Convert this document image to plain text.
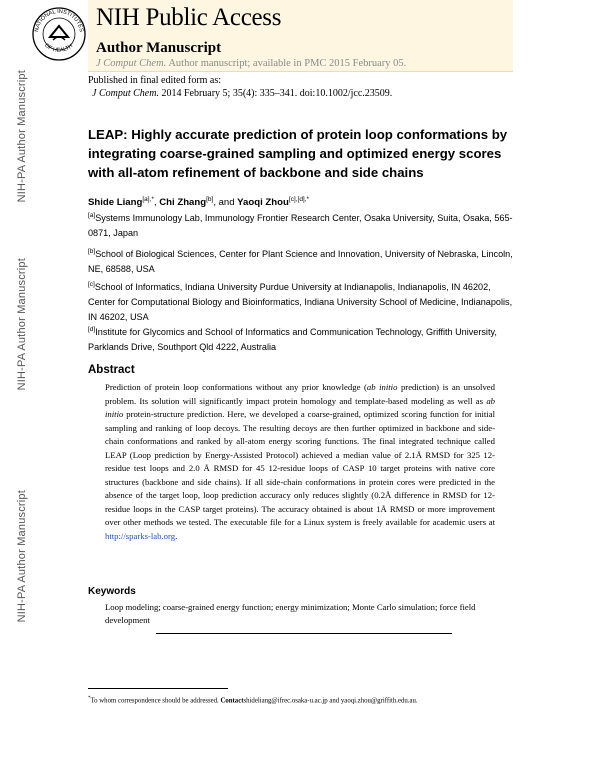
NATIONAL INSTITUTES
OF HEALTH
NIH Public Access
Author Manuscript
J Comput Chem. Author manuscript; available in PMC 2015 February 05.
Published in final edited form as:
J Comput Chem. 2014 February 5; 35(4): 335–341. doi:10.1002/jcc.23509.
NIH-PA Author Manuscript
NIH-PA Author Manuscript
NIH-PA Author Manuscript
LEAP: Highly accurate prediction of protein loop conformations by integrating coarse-grained sampling and optimized energy scores with all-atom refinement of backbone and side chains
Shide Liang$^{[a],*}$, Chi Zhang[b], and Yaoqi Zhou$^{[c],[d],*}$
[a]Systems Immunology Lab, Immunology Frontier Research Center, Osaka University, Suita, Osaka, 565-0871, Japan
[b]School of Biological Sciences, Center for Plant Science and Innovation, University of Nebraska, Lincoln, NE, 68588, USA
[c]School of Informatics, Indiana University Purdue University at Indianapolis, Indianapolis, IN 46202, Center for Computational Biology and Bioinformatics, Indiana University School of Medicine, Indianapolis, IN 46202, USA
[d]Institute for Glycomics and School of Informatics and Communication Technology, Griffith University, Parklands Drive, Southport Qld 4222, Australia
Abstract
Prediction of protein loop conformations without any prior knowledge (ab initio prediction) is an unsolved problem. Its solution will significantly impact protein homology and template-based modeling as well as ab initio protein-structure prediction. Here, we developed a coarse-grained, optimized scoring function for initial sampling and ranking of loop decoys. The resulting decoys are then further optimized in backbone and side-chain conformations and ranked by all-atom energy scoring functions. The final integrated technique called LEAP (Loop prediction by Energy-Assisted Protocol) achieved a median value of 2.1Å RMSD for 325 12-residue test loops and 2.0 Å RMSD for 45 12-residue loops of CASP 10 target proteins with native core structures (backbone and side chains). If all side-chain conformations in protein cores were predicted in the absence of the target loop, loop prediction accuracy only reduces slightly (0.2Å difference in RMSD for 12-residue loops in the CASP target proteins). The accuracy obtained is about 1Å RMSD or more improvement over other methods we tested. The executable file for a Linux system is freely available for academic users at http://sparks-lab.org.
Keywords
Loop modeling; coarse-grained energy function; energy minimization; Monte Carlo simulation; force field development
*To whom correspondence should be addressed. Contactshideliang@ifrec.osaka-u.ac.jp and yaoqi.zhou@griffith.edu.au.
